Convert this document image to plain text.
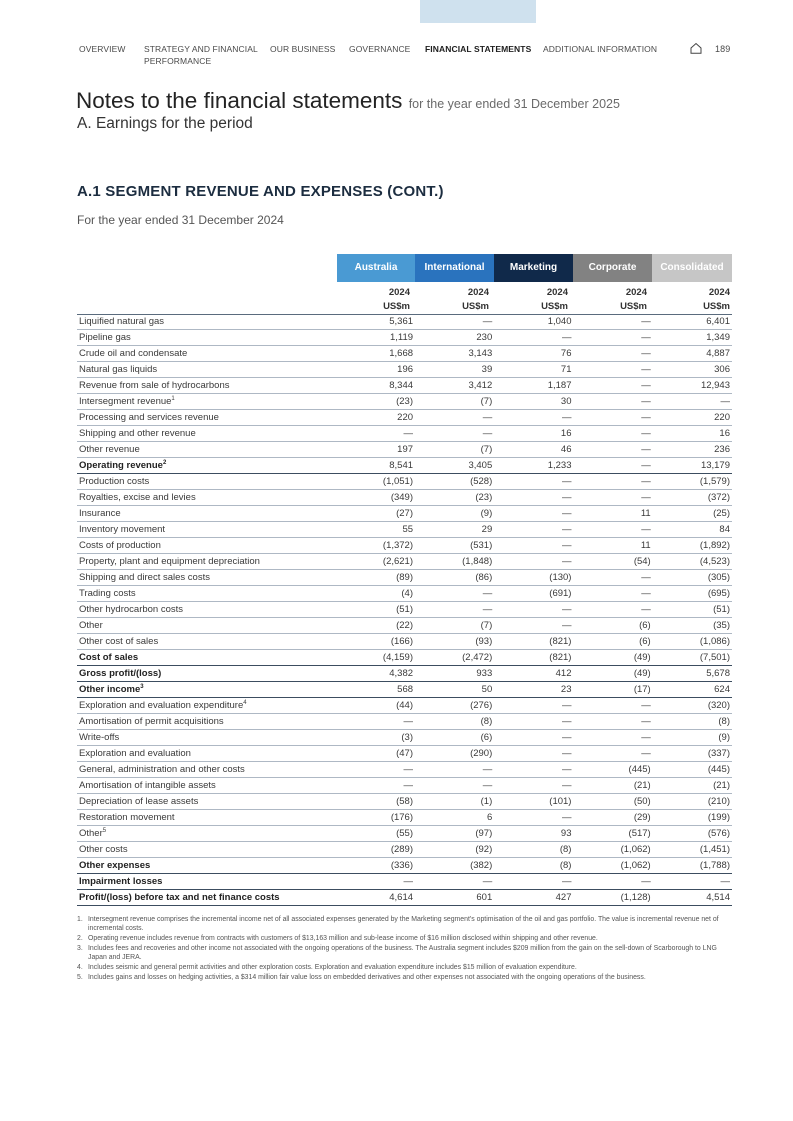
OVERVIEW STRATEGY AND FINANCIAL PERFORMANCE
OUR BUSINESS GOVERNANCE FINANCIAL STATEMENTS ADDITIONAL INFORMATION	189
Notes to the financial statements for the year ended 31 December 2025
A. Earnings for the period
A.1 SEGMENT REVENUE AND EXPENSES (CONT.)
For the year ended 31 December 2024
Australia	International	Marketing	Corporate	Consolidated
2024	2024	2024	2024	2024
US$m	US$m	US$m	US$m	US$m
Liquified natural gas	5,361	—	1,040	—	6,401
Pipeline gas	1,119	230	—	—	1,349
Crude oil and condensate	1,668	3,143	76	—	4,887
Natural gas liquids	196	39	71	—	306
Revenue from sale of hydrocarbons	8,344	3,412	1,187	—	12,943
Intersegment revenue$^1$	(23)	(7)	30	—	—
Processing and services revenue	220	—	—	—	220
Shipping and other revenue	—	—	16	—	16
Other revenue	197	(7)	46	—	236
Operating revenue$^2$	8,541	3,405	1,233	—	13,179
Production costs	(1,051)	(528)	—	—	(1,579)
Royalties, excise and levies	(349)	(23)	—	—	(372)
Insurance	(27)	(9)	—	11	(25)
Inventory movement	55	29	—	—	84
Costs of production	(1,372)	(531)	—	11	(1,892)
Property, plant and equipment depreciation	(2,621)	(1,848)	—	(54)	(4,523)
Shipping and direct sales costs	(89)	(86)	(130)	—	(305)
Trading costs	(4)	—	(691)	—	(695)
Other hydrocarbon costs	(51)	—	—	—	(51)
Other	(22)	(7)	—	(6)	(35)
Other cost of sales	(166)	(93)	(821)	(6)	(1,086)
Cost of sales	(4,159)	(2,472)	(821)	(49)	(7,501)
Gross profit/(loss)	4,382	933	412	(49)	5,678
Other income$^3$	568	50	23	(17)	624
Exploration and evaluation expenditure$^4$	(44)	(276)	—	—	(320)
Amortisation of permit acquisitions	—	(8)	—	—	(8)
Write-offs	(3)	(6)	—	—	(9)
Exploration and evaluation	(47)	(290)	—	—	(337)
General, administration and other costs	—	—	—	(445)	(445)
Amortisation of intangible assets	—	—	—	(21)	(21)
Depreciation of lease assets	(58)	(1)	(101)	(50)	(210)
Restoration movement	(176)	6	—	(29)	(199)
Other$^5$	(55)	(97)	93	(517)	(576)
Other costs	(289)	(92)	(8)	(1,062)	(1,451)
Other expenses	(336)	(382)	(8)	(1,062)	(1,788)
Impairment losses	—	—	—	—	—
Profit/(loss) before tax and net finance costs	4,614	601	427	(1,128)	4,514
1. Intersegment revenue comprises the incremental income net of all associated expenses generated by the Marketing segment’s optimisation of the oil and gas portfolio. The value is incremental revenue net of incremental costs.
2. Operating revenue includes revenue from contracts with customers of $13,163 million and sub-lease income of $16 million disclosed within shipping and other revenue.
3. Includes fees and recoveries and other income not associated with the ongoing operations of the business. The Australia segment includes $209 million from the gain on the sell-down of Scarborough to LNG Japan and JERA.
4. Includes seismic and general permit activities and other exploration costs. Exploration and evaluation expenditure includes $15 million of evaluation expenditure.
5. Includes gains and losses on hedging activities, a $314 million fair value loss on embedded derivatives and other expenses not associated with the ongoing operations of the business.
